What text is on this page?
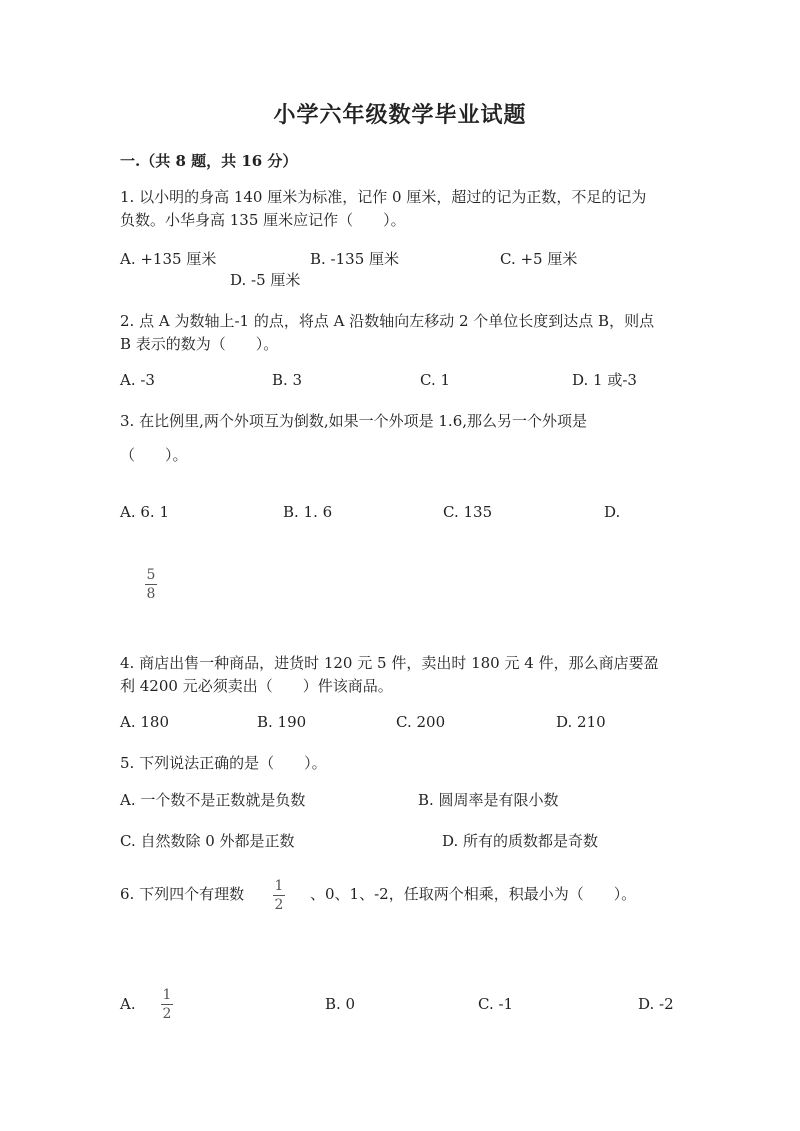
小学六年级数学毕业试题
一.（共 8 题，共 16 分）
1. 以小明的身高 140 厘米为标准，记作 0 厘米，超过的记为正数，不足的记为
负数。小华身高 135 厘米应记作（　　）。
A. +135 厘米	B. -135 厘米	C. +5 厘米
D. -5 厘米
2. 点 A 为数轴上-1 的点，将点 A 沿数轴向左移动 2 个单位长度到达点 B，则点
B 表示的数为（　　）。
A. -3	B. 3	C. 1	D. 1 或-3
3. 在比例里,两个外项互为倒数,如果一个外项是 1.6,那么另一个外项是
（　　）。
A. 6. 1	B. 1. 6	C. 135	D.
5
8
4. 商店出售一种商品，进货时 120 元 5 件，卖出时 180 元 4 件，那么商店要盈
利 4200 元必须卖出（　　）件该商品。
A. 180	B. 190	C. 200	D. 210
5. 下列说法正确的是（　　）。
A. 一个数不是正数就是负数	B. 圆周率是有限小数
C. 自然数除 0 外都是正数	D. 所有的质数都是奇数
6. 下列四个有理数 1
2
、0、1、-2，任取两个相乘，积最小为（　　）。
A. 1
2
B. 0	C. -1	D. -2
